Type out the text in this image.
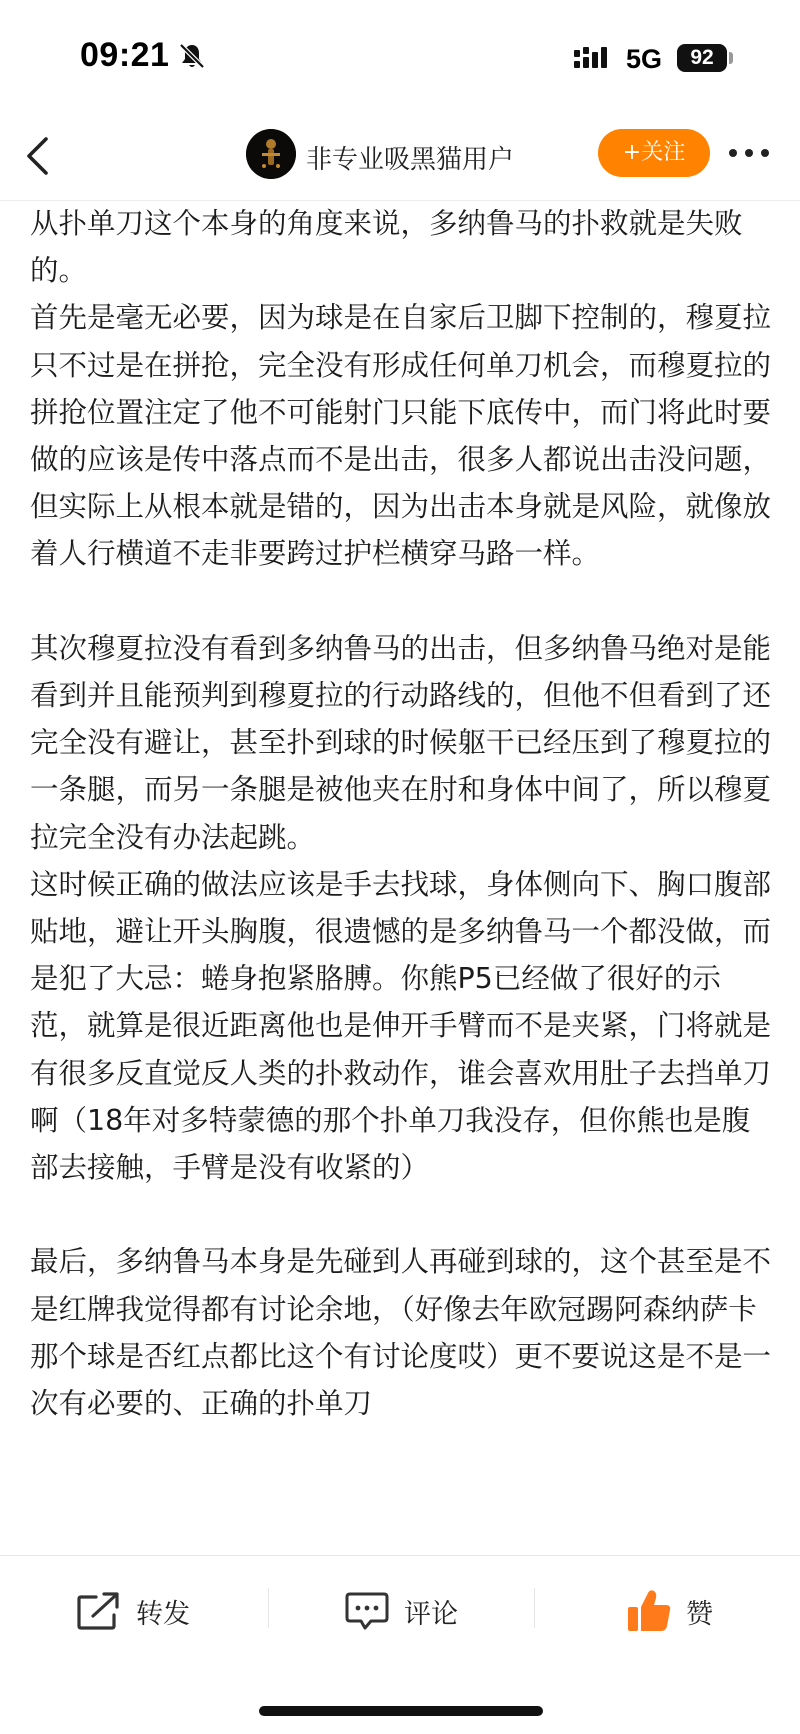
09:21	5G	92
非专业吸黑猫用户	+关注

从扑单刀这个本身的角度来说，多纳鲁马的扑救就是失败的。

首先是毫无必要，因为球是在自家后卫脚下控制的，穆夏拉只不过是在拼抢，完全没有形成任何单刀机会，而穆夏拉的拼抢位置注定了他不可能射门只能下底传中，而门将此时要做的应该是传中落点而不是出击，很多人都说出击没问题，但实际上从根本就是错的，因为出击本身就是风险，就像放着人行横道不走非要跨过护栏横穿马路一样。

其次穆夏拉没有看到多纳鲁马的出击，但多纳鲁马绝对是能看到并且能预判到穆夏拉的行动路线的，但他不但看到了还完全没有避让，甚至扑到球的时候躯干已经压到了穆夏拉的一条腿，而另一条腿是被他夹在肘和身体中间了，所以穆夏拉完全没有办法起跳。

这时候正确的做法应该是手去找球，身体侧向下、胸口腹部贴地，避让开头胸腹，很遗憾的是多纳鲁马一个都没做，而是犯了大忌：蜷身抱紧胳膊。你熊P5已经做了很好的示范，就算是很近距离他也是伸开手臂而不是夹紧，门将就是有很多反直觉反人类的扑救动作，谁会喜欢用肚子去挡单刀啊（18年对多特蒙德的那个扑单刀我没存，但你熊也是腹部去接触，手臂是没有收紧的）

最后，多纳鲁马本身是先碰到人再碰到球的，这个甚至是不是红牌我觉得都有讨论余地，（好像去年欧冠踢阿森纳萨卡那个球是否红点都比这个有讨论度哎）更不要说这是不是一次有必要的、正确的扑单刀

转发	评论	赞
